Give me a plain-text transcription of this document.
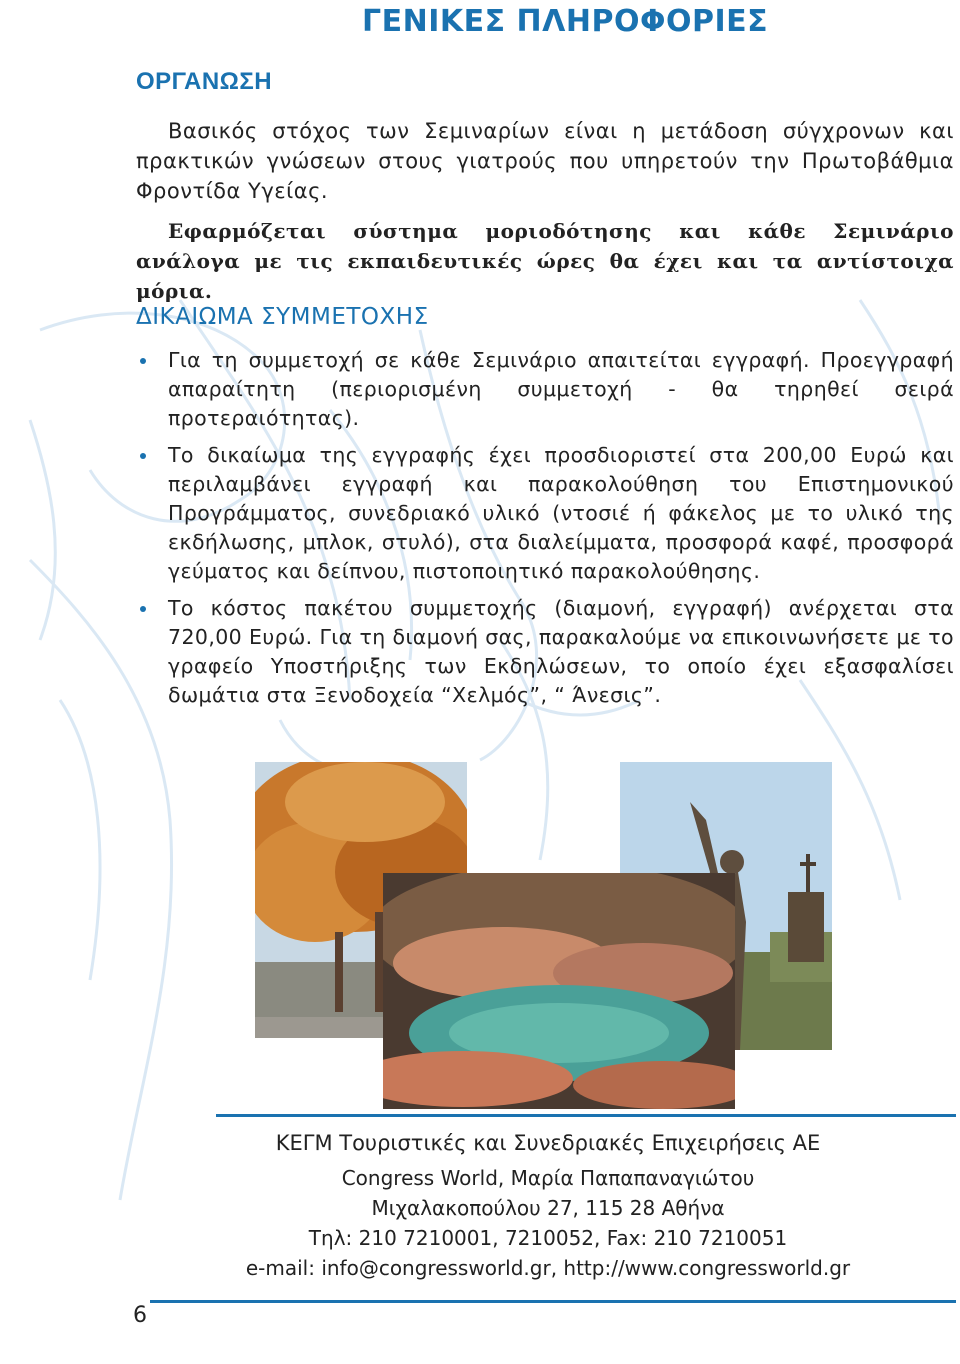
ΓΕΝΙΚΕΣ ΠΛΗΡΟΦΟΡΙΕΣ
ΟΡΓΑΝΩΣΗ
Βασικός στόχος των Σεμιναρίων είναι η μετάδοση σύγχρονων και πρακτικών γνώσεων στους γιατρούς που υπηρετούν την Πρωτοβάθμια Φροντίδα Υγείας.
Εφαρμόζεται σύστημα μοριοδότησης και κάθε Σεμινάριο ανάλογα με τις εκπαιδευτικές ώρες θα έχει και τα αντίστοιχα μόρια.
ΔΙΚΑΙΩΜΑ ΣΥΜΜΕΤΟΧΗΣ
Για τη συμμετοχή σε κάθε Σεμινάριο απαιτείται εγγραφή. Προεγγραφή απαραίτητη (περιορισμένη συμμετοχή - θα τηρηθεί σειρά προτεραιότητας).
Το δικαίωμα της εγγραφής έχει προσδιοριστεί στα 200,00 Ευρώ και περιλαμβάνει εγγραφή και παρακολούθηση του Επιστημονικού Προγράμματος, συνεδριακό υλικό (ντοσιέ ή φάκελος με το υλικό της εκδήλωσης, μπλοκ, στυλό), στα διαλείμματα, προσφορά καφέ, προσφορά γεύματος και δείπνου, πιστοποιητικό παρακολούθησης.
Το κόστος πακέτου συμμετοχής (διαμονή, εγγραφή) ανέρχεται στα 720,00 Ευρώ. Για τη διαμονή σας, παρακαλούμε να επικοινωνήσετε με το γραφείο Υποστήριξης των Εκδηλώσεων, το οποίο έχει εξασφαλίσει δωμάτια στα Ξενοδοχεία “Χελμός”, “ Άνεσις”.
ΚΕΓΜ Τουριστικές και Συνεδριακές Επιχειρήσεις ΑΕ
Congress World, Μαρία Παπαπαναγιώτου
Μιχαλακοπούλου 27, 115 28 Αθήνα
Τηλ: 210 7210001, 7210052, Fax: 210 7210051
e-mail: info@congressworld.gr, http://www.congressworld.gr
6
